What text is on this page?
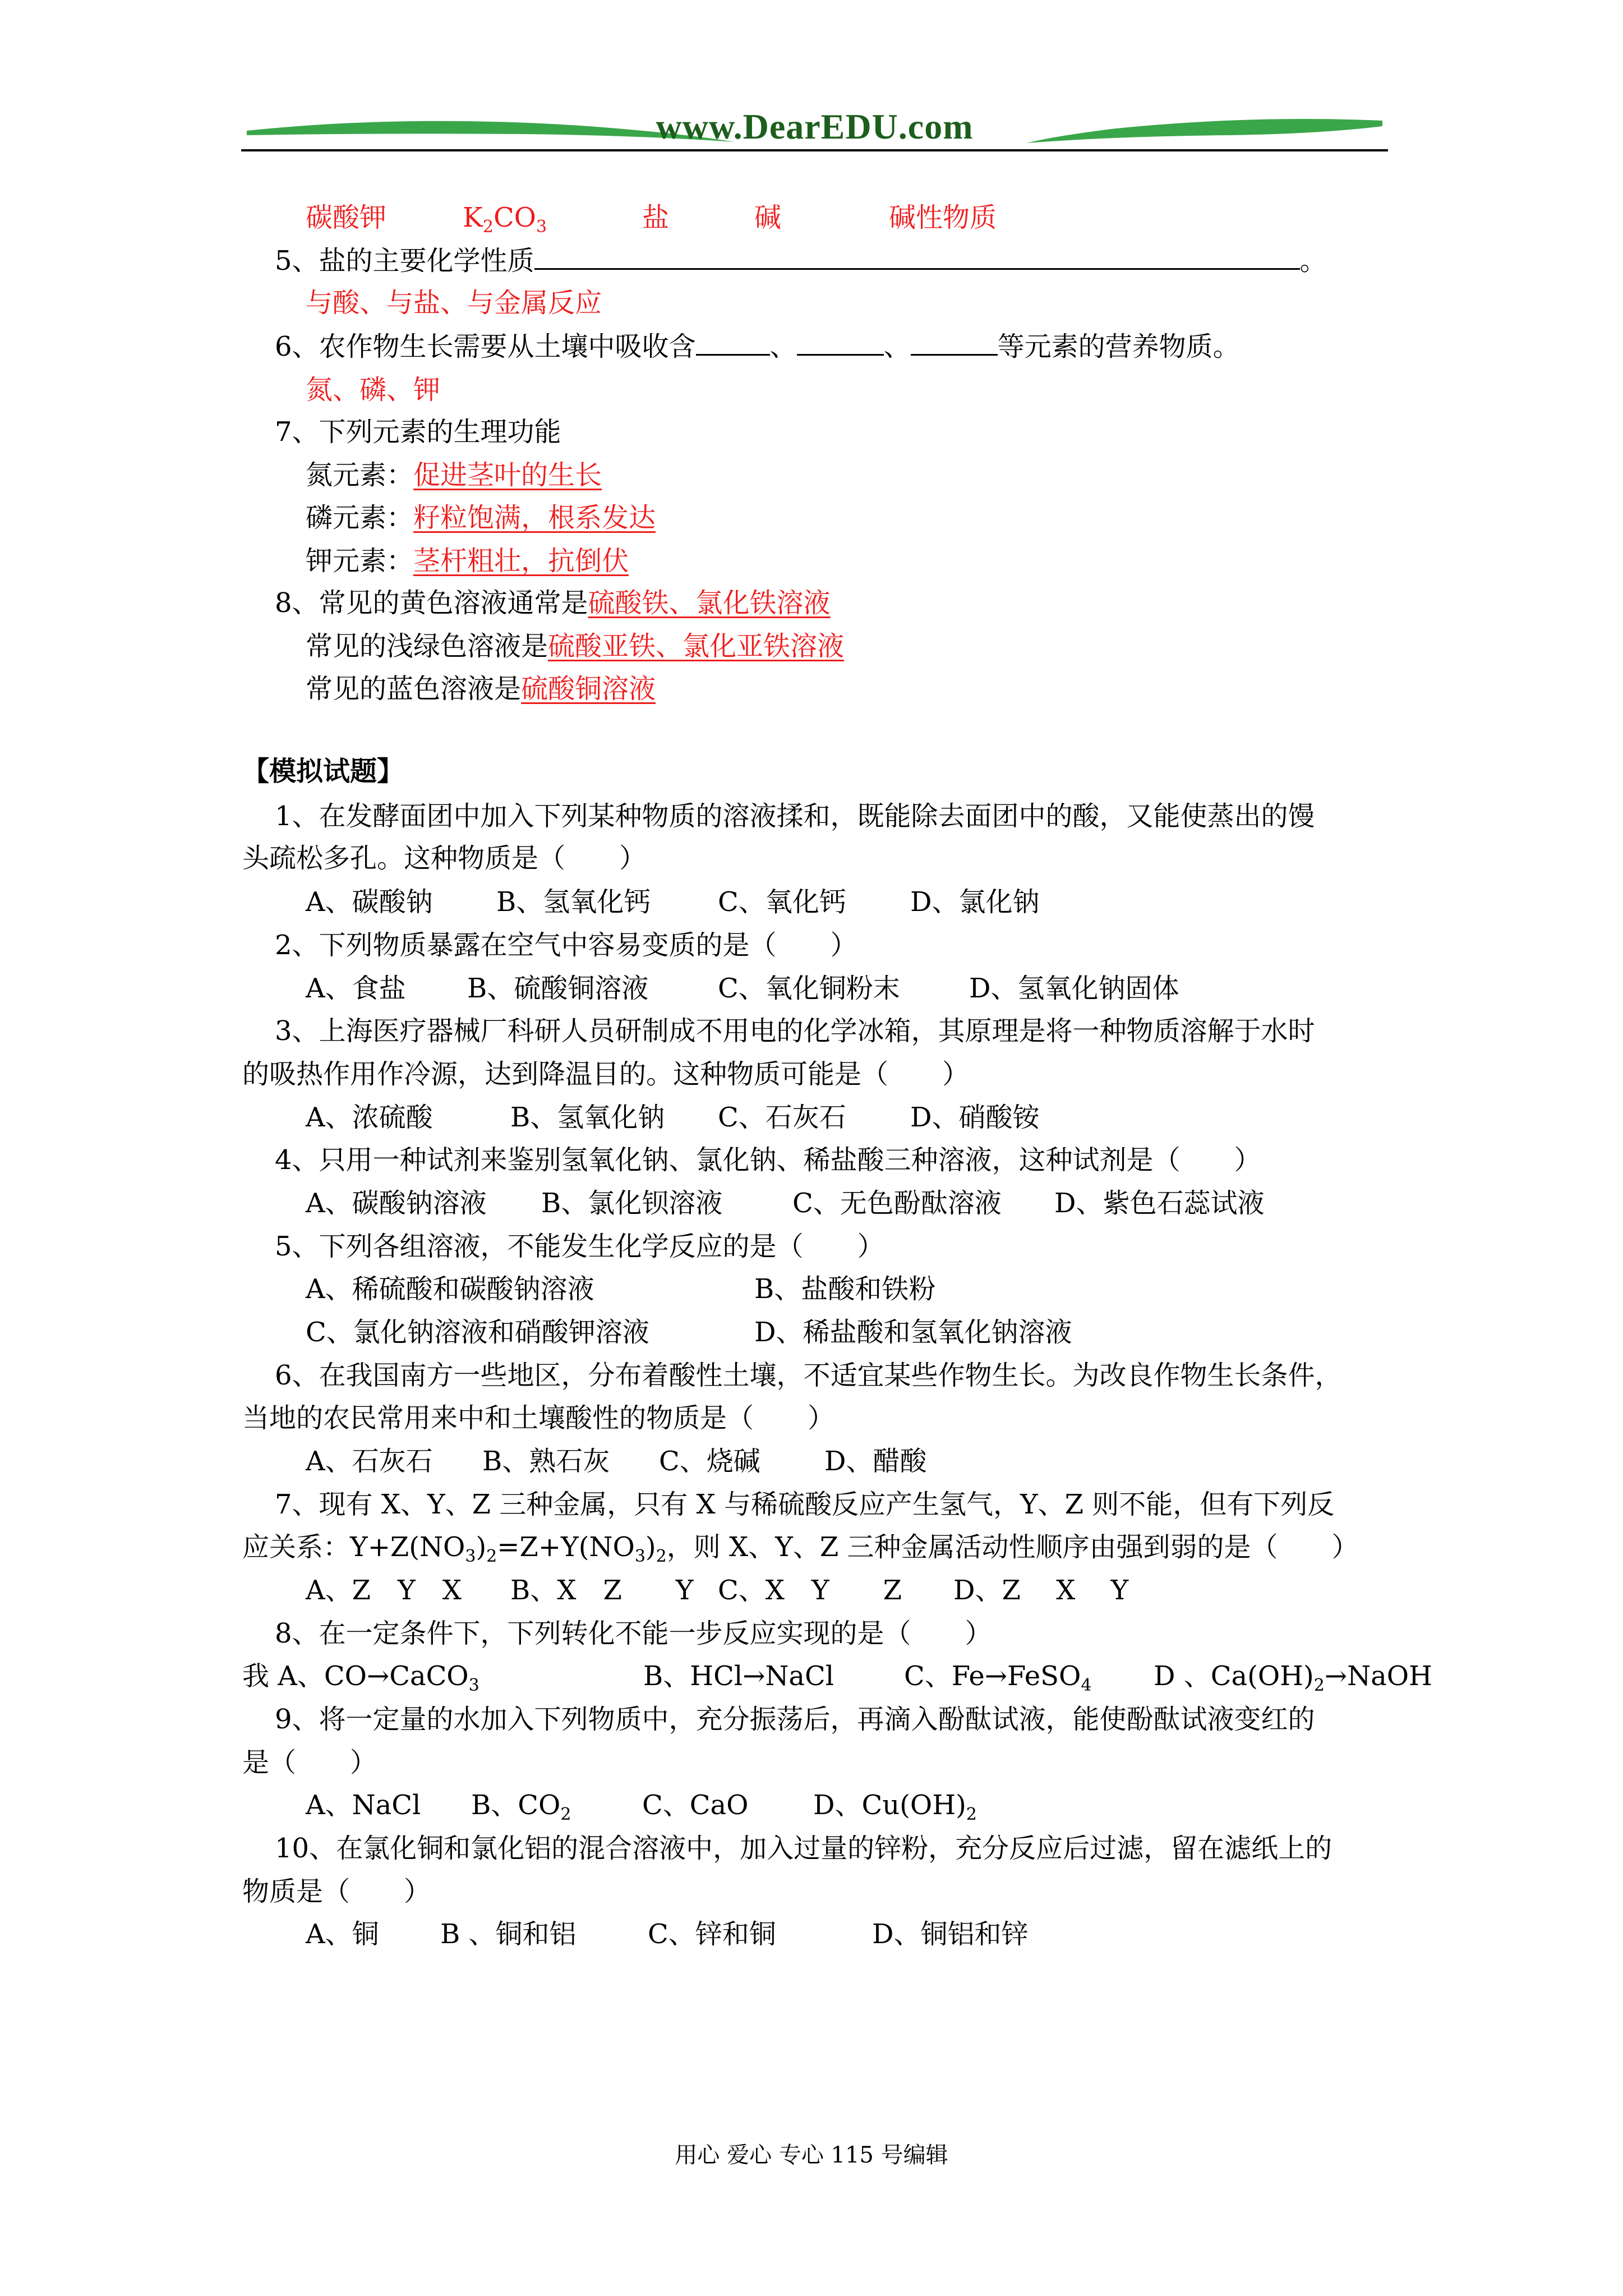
www.DearEDU.com
碳酸钾	$K_2CO_3$	盐	碱	碱性物质
5、盐的主要化学性质	。
与酸、与盐、与金属反应
6、农作物生长需要从土壤中吸收含	、	、	等元素的营养物质。
氮、磷、钾
7、下列元素的生理功能
氮元素：促进茎叶的生长
磷元素：籽粒饱满，根系发达
钾元素：茎杆粗壮，抗倒伏
8、常见的黄色溶液通常是硫酸铁、氯化铁溶液
常见的浅绿色溶液是硫酸亚铁、氯化亚铁溶液
常见的蓝色溶液是硫酸铜溶液
【模拟试题】
1、在发酵面团中加入下列某种物质的溶液揉和，既能除去面团中的酸，又能使蒸出的馒
头疏松多孔。这种物质是（　　）
A、碳酸钠 B、氢氧化钙 C、氧化钙 D、氯化钠
2、下列物质暴露在空气中容易变质的是（　　）
A、食盐 B、硫酸铜溶液	C、氧化铜粉末	D、氢氧化钠固体
3、上海医疗器械厂科研人员研制成不用电的化学冰箱，其原理是将一种物质溶解于水时
的吸热作用作冷源，达到降温目的。这种物质可能是（　　）
A、浓硫酸	B、氢氧化钠 C、石灰石 D、硝酸铵
4、只用一种试剂来鉴别氢氧化钠、氯化钠、稀盐酸三种溶液，这种试剂是（　　）
A、碳酸钠溶液 B、氯化钡溶液	C、无色酚酞溶液 D、紫色石蕊试液
5、下列各组溶液，不能发生化学反应的是（　　）
A、稀硫酸和碳酸钠溶液	B、盐酸和铁粉
C、氯化钠溶液和硝酸钾溶液	D、稀盐酸和氢氧化钠溶液
6、在我国南方一些地区，分布着酸性土壤，不适宜某些作物生长。为改良作物生长条件，
当地的农民常用来中和土壤酸性的物质是（　　）
A、石灰石 B、熟石灰 C、烧碱 D、醋酸
7、现有 X、Y、Z 三种金属，只有 X 与稀硫酸反应产生氢气，Y、Z 则不能，但有下列反
应关系：$Y+Z(NO_3)_2=Z+Y(NO_3)_2$，则 X、Y、Z 三种金属活动性顺序由强到弱的是（　　）
A、Z　Y　X B、X　Z　　Y C、X　Y　　Z D、Z　 X　 Y
8、在一定条件下，下列转化不能一步反应实现的是（　　）
我 A、CO→CaCO$_3$	B、HCl→NaCl	C、Fe→FeSO$_4$ D 、$Ca(OH)_2\to NaOH$
9、将一定量的水加入下列物质中，充分振荡后，再滴入酚酞试液，能使酚酞试液变红的
是（　　）
A、NaCl B、$CO_2$	C、CaO D、$Cu(OH)_2$
10、在氯化铜和氯化铝的混合溶液中，加入过量的锌粉，充分反应后过滤，留在滤纸上的
物质是（　　）
A、铜 B 、铜和铝	C、锌和铜	D、铜铝和锌
用心 爱心 专心 115 号编辑
